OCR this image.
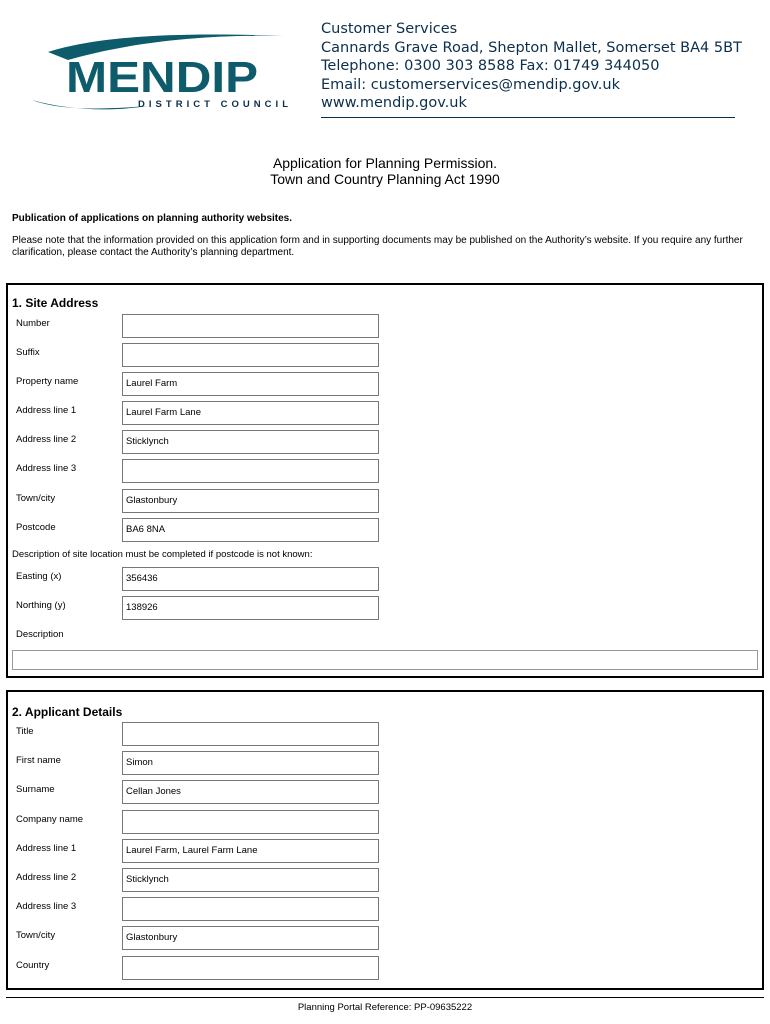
MENDIP
DISTRICT COUNCIL
Customer Services
Cannards Grave Road, Shepton Mallet, Somerset BA4 5BT
Telephone: 0300 303 8588 Fax: 01749 344050
Email: customerservices@mendip.gov.uk
www.mendip.gov.uk
Application for Planning Permission.
Town and Country Planning Act 1990
Publication of applications on planning authority websites.
Please note that the information provided on this application form and in supporting documents may be published on the Authority’s website. If you require any further clarification, please contact the Authority’s planning department.
1. Site Address
Number
Suffix
Property name	Laurel Farm
Address line 1	Laurel Farm Lane
Address line 2	Sticklynch
Address line 3
Town/city	Glastonbury
Postcode	BA6 8NA
Description of site location must be completed if postcode is not known:
Easting (x)	356436
Northing (y)	138926
Description
2. Applicant Details
Title
First name	Simon
Surname	Cellan Jones
Company name
Address line 1	Laurel Farm, Laurel Farm Lane
Address line 2	Sticklynch
Address line 3
Town/city	Glastonbury
Country
Planning Portal Reference: PP-09635222
